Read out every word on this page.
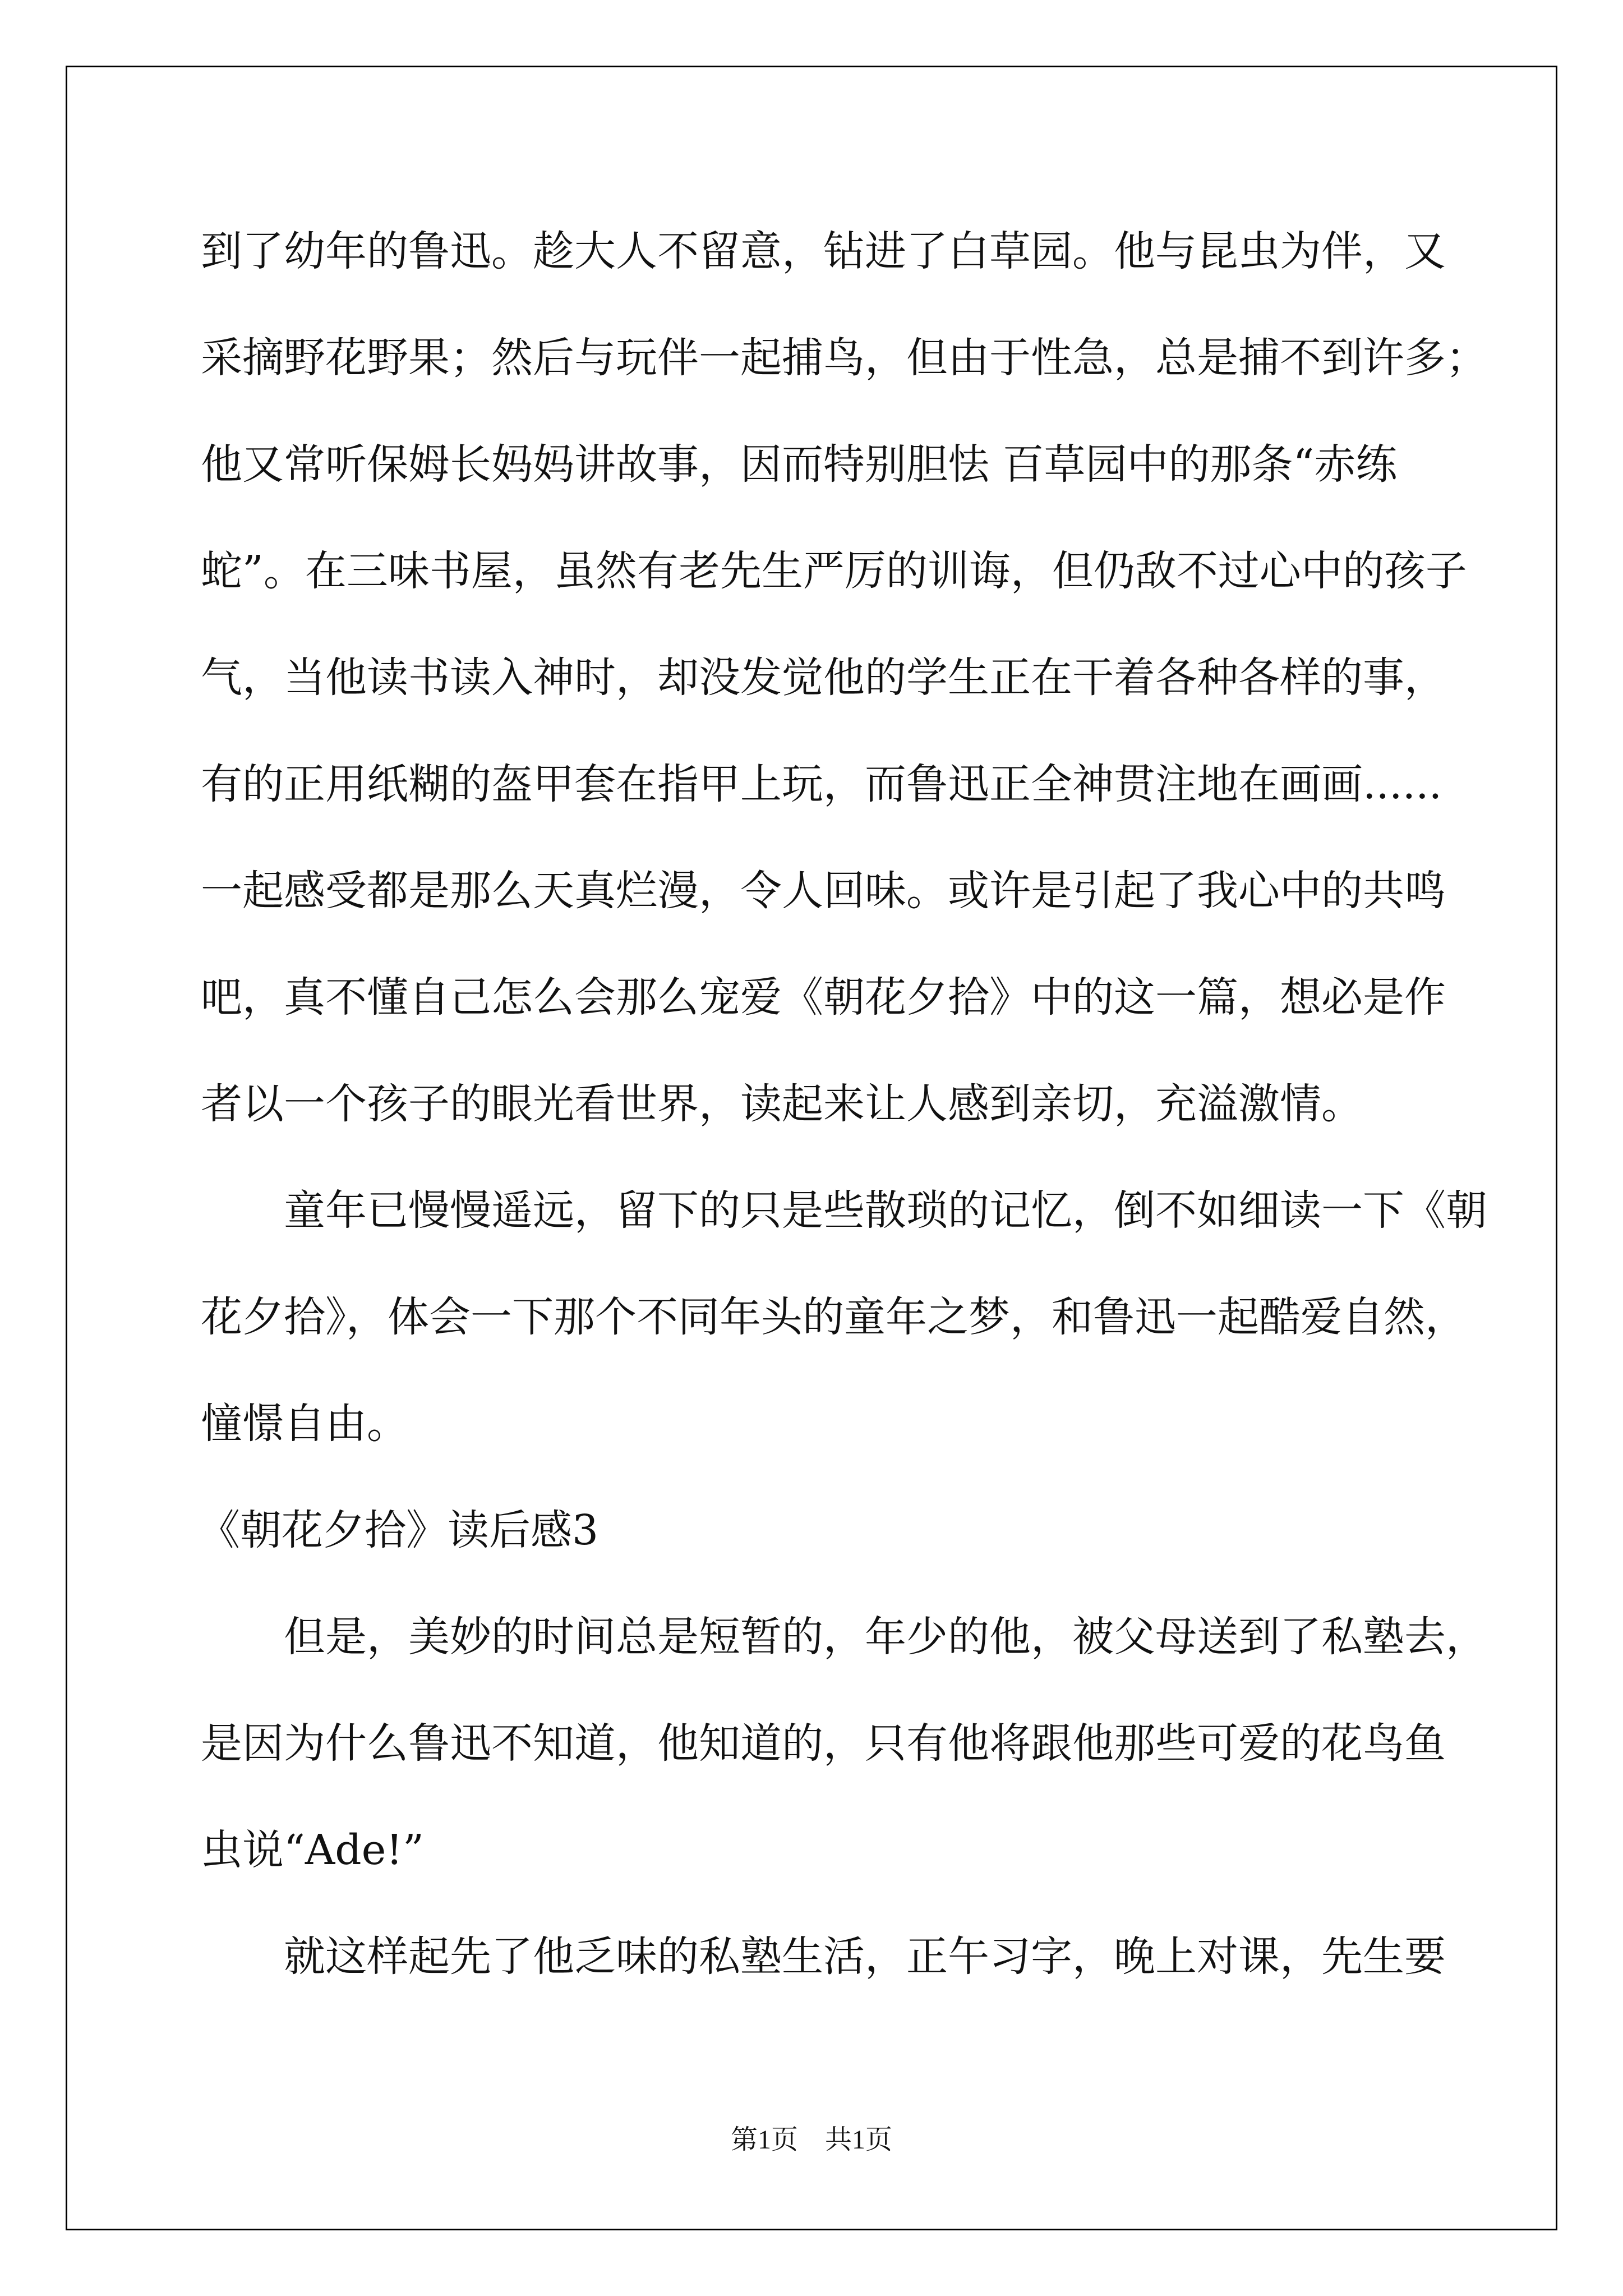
到了幼年的鲁迅。趁大人不留意，钻进了白草园。他与昆虫为伴，又
采摘野花野果；然后与玩伴一起捕鸟，但由于性急，总是捕不到许多；
他又常听保姆长妈妈讲故事，因而特别胆怯 百草园中的那条“赤练
蛇”。在三味书屋，虽然有老先生严厉的训诲，但仍敌不过心中的孩子
气，当他读书读入神时，却没发觉他的学生正在干着各种各样的事，
有的正用纸糊的盔甲套在指甲上玩，而鲁迅正全神贯注地在画画......
一起感受都是那么天真烂漫，令人回味。或许是引起了我心中的共鸣
吧，真不懂自己怎么会那么宠爱《朝花夕拾》中的这一篇，想必是作
者以一个孩子的眼光看世界，读起来让人感到亲切，充溢激情。
童年已慢慢遥远，留下的只是些散琐的记忆，倒不如细读一下《朝
花夕拾》，体会一下那个不同年头的童年之梦，和鲁迅一起酷爱自然，
憧憬自由。
《朝花夕拾》读后感3
但是，美妙的时间总是短暂的，年少的他，被父母送到了私塾去，
是因为什么鲁迅不知道，他知道的，只有他将跟他那些可爱的花鸟鱼
虫说“Ade!”
就这样起先了他乏味的私塾生活，正午习字，晚上对课，先生要
第1页　共1页
